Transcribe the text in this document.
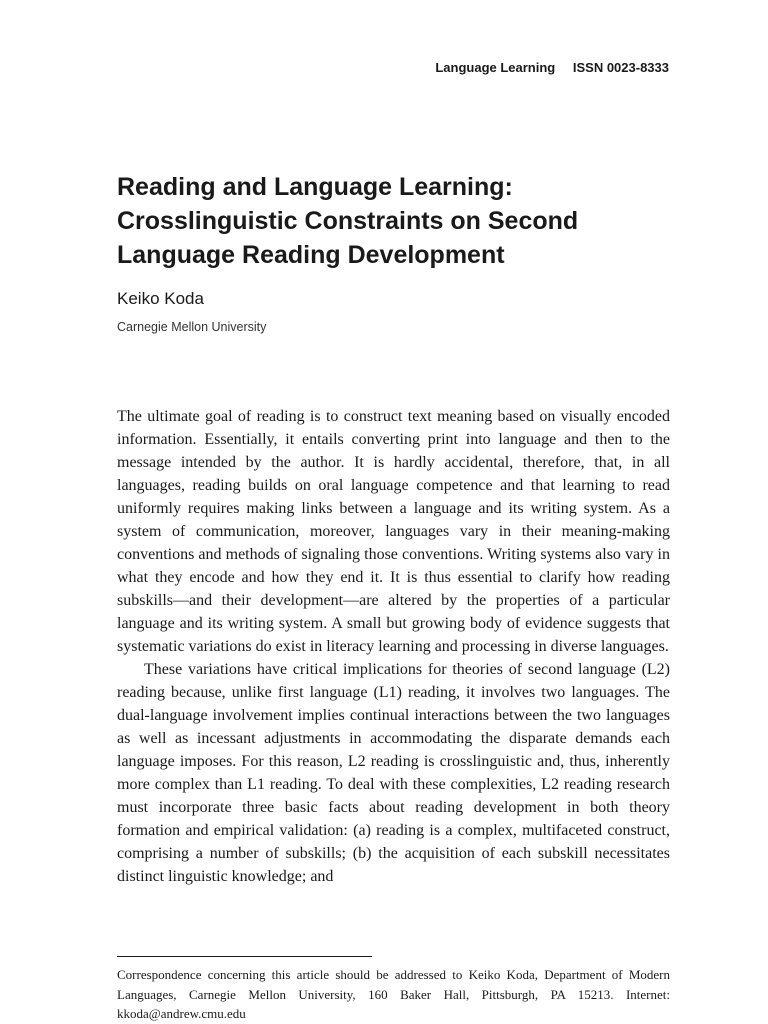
Language Learning ISSN 0023-8333
Reading and Language Learning: Crosslinguistic Constraints on Second Language Reading Development
Keiko Koda
Carnegie Mellon University

The ultimate goal of reading is to construct text meaning based on visually encoded information. Essentially, it entails converting print into language and then to the message intended by the author. It is hardly accidental, therefore, that, in all languages, reading builds on oral language competence and that learning to read uniformly requires making links between a language and its writing system. As a system of communication, moreover, languages vary in their meaning-making conventions and methods of signaling those conventions. Writing systems also vary in what they encode and how they end it. It is thus essential to clarify how reading subskills—and their development—are altered by the properties of a particular language and its writing system. A small but growing body of evidence suggests that systematic variations do exist in literacy learning and processing in diverse languages.

These variations have critical implications for theories of second language (L2) reading because, unlike first language (L1) reading, it involves two languages. The dual-language involvement implies continual interactions between the two languages as well as incessant adjustments in accommodating the disparate demands each language imposes. For this reason, L2 reading is crosslinguistic and, thus, inherently more complex than L1 reading. To deal with these complexities, L2 reading research must incorporate three basic facts about reading development in both theory formation and empirical validation: (a) reading is a complex, multifaceted construct, comprising a number of subskills; (b) the acquisition of each subskill necessitates distinct linguistic knowledge; and

Correspondence concerning this article should be addressed to Keiko Koda, Department of Modern Languages, Carnegie Mellon University, 160 Baker Hall, Pittsburgh, PA 15213. Internet: kkoda@andrew.cmu.edu
